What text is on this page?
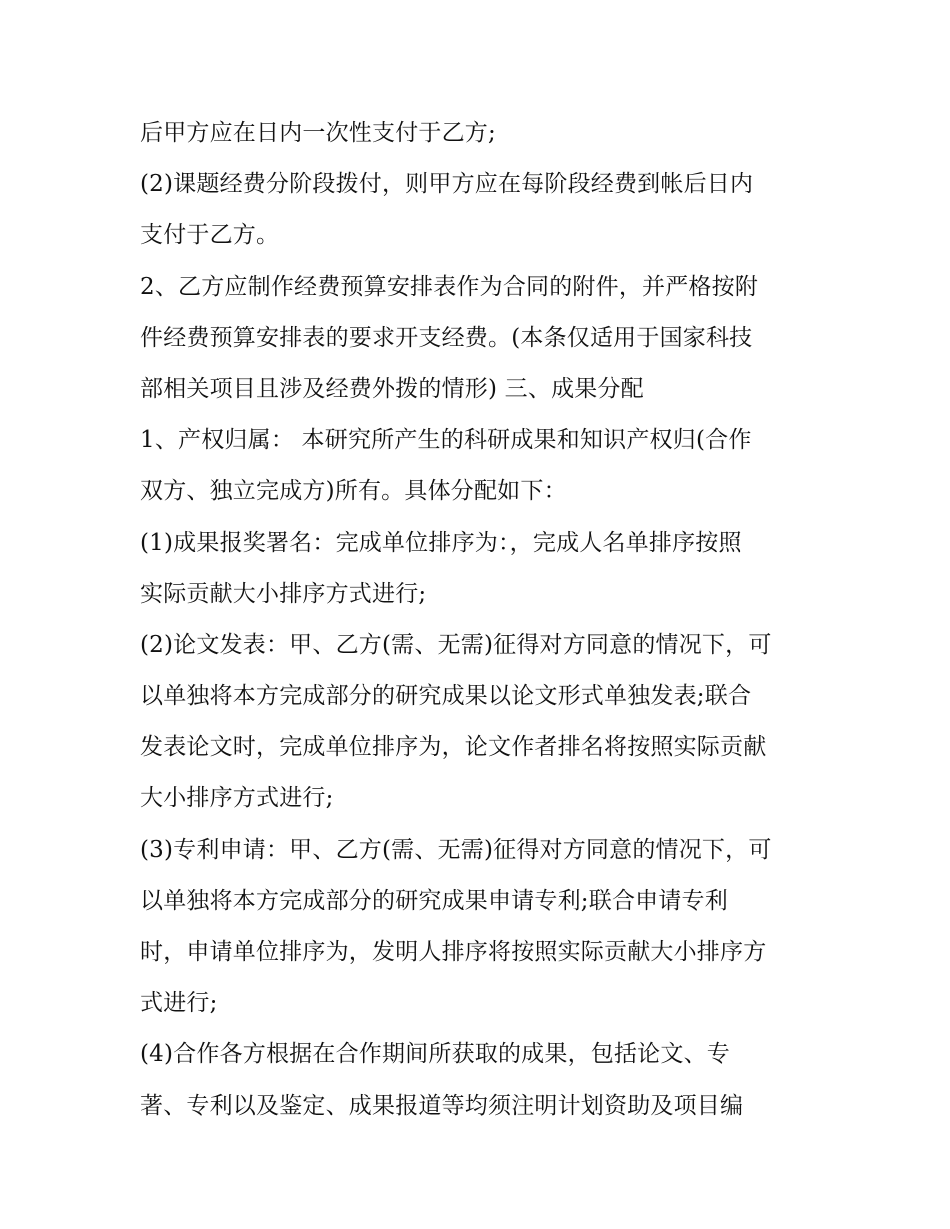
后甲方应在日内一次性支付于乙方;
(2)课题经费分阶段拨付，则甲方应在每阶段经费到帐后日内
支付于乙方。
2、乙方应制作经费预算安排表作为合同的附件，并严格按附
件经费预算安排表的要求开支经费。(本条仅适用于国家科技
部相关项目且涉及经费外拨的情形) 三、成果分配
1、产权归属： 本研究所产生的科研成果和知识产权归(合作
双方、独立完成方)所有。具体分配如下：
(1)成果报奖署名：完成单位排序为：，完成人名单排序按照
实际贡献大小排序方式进行;
(2)论文发表：甲、乙方(需、无需)征得对方同意的情况下，可
以单独将本方完成部分的研究成果以论文形式单独发表;联合
发表论文时，完成单位排序为，论文作者排名将按照实际贡献
大小排序方式进行;
(3)专利申请：甲、乙方(需、无需)征得对方同意的情况下，可
以单独将本方完成部分的研究成果申请专利;联合申请专利
时，申请单位排序为，发明人排序将按照实际贡献大小排序方
式进行;
(4)合作各方根据在合作期间所获取的成果，包括论文、专
著、专利以及鉴定、成果报道等均须注明计划资助及项目编
